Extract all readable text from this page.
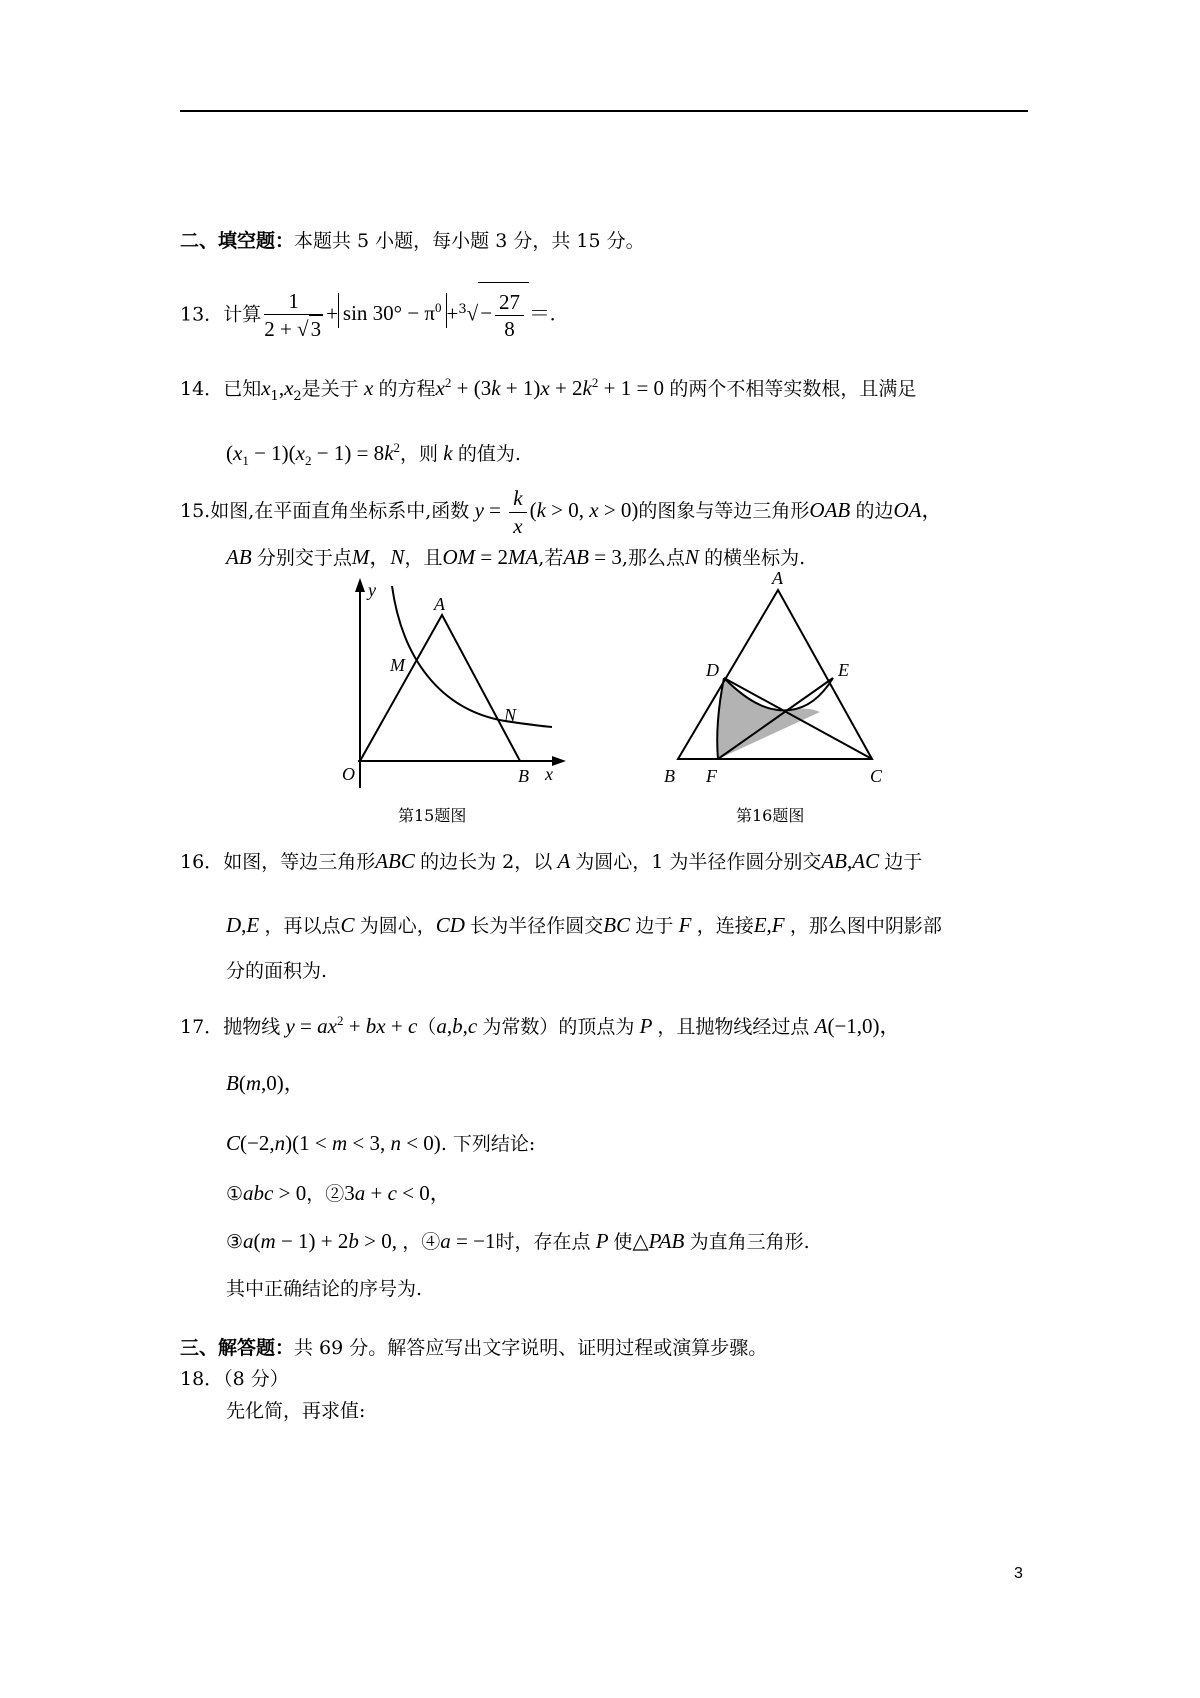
二、填空题：本题共 5 小题，每小题 3 分，共 15 分。
13．计算 $\frac{1}{2 + √3} + \sin 30^\circ - \pi^0 +^3√- \frac{27}{8}$ ＝.
14．已知$x_1,x_2$是关于 x 的方程$x^2 + (3k + 1)x + 2k^2 + 1 = 0$ 的两个不相等实数根，且满足
$(x_1 - 1)(x_2 - 1) = 8k^2$，则 k 的值为.
15.如图,在平面直角坐标系中,函数 $y = \frac{k}{x} (k > 0$, x > 0)的图象与等边三角形OAB 的边OA，
AB 分别交于点M，N，且OM = 2MA,若AB = 3,那么点N 的横坐标为.
y
x
O
A
B
M
N
第15题图
A
B	C
D	E
F
第16题图
16．如图，等边三角形ABC 的边长为 2，以 A 为圆心，1 为半径作圆分别交AB,AC 边于
D,E ，再以点C 为圆心，CD 长为半径作圆交BC 边于 F ，连接E,F ，那么图中阴影部
分的面积为.
17．抛物线 $y = ax^2$ + bx + c（a,b,c 为常数）的顶点为 P ，且抛物线经过点 A(−1,0)，
B(m,0)，
C(−2,n)(1 < m < 3, n < 0). 下列结论:
①abc > 0，②3a + c < 0，
③a(m − 1) + 2b > 0, ，④a = −1时，存在点 P 使△PAB 为直角三角形.
其中正确结论的序号为.
三、解答题：共 69 分。解答应写出文字说明、证明过程或演算步骤。
18．（8 分）
先化简，再求值:
3
